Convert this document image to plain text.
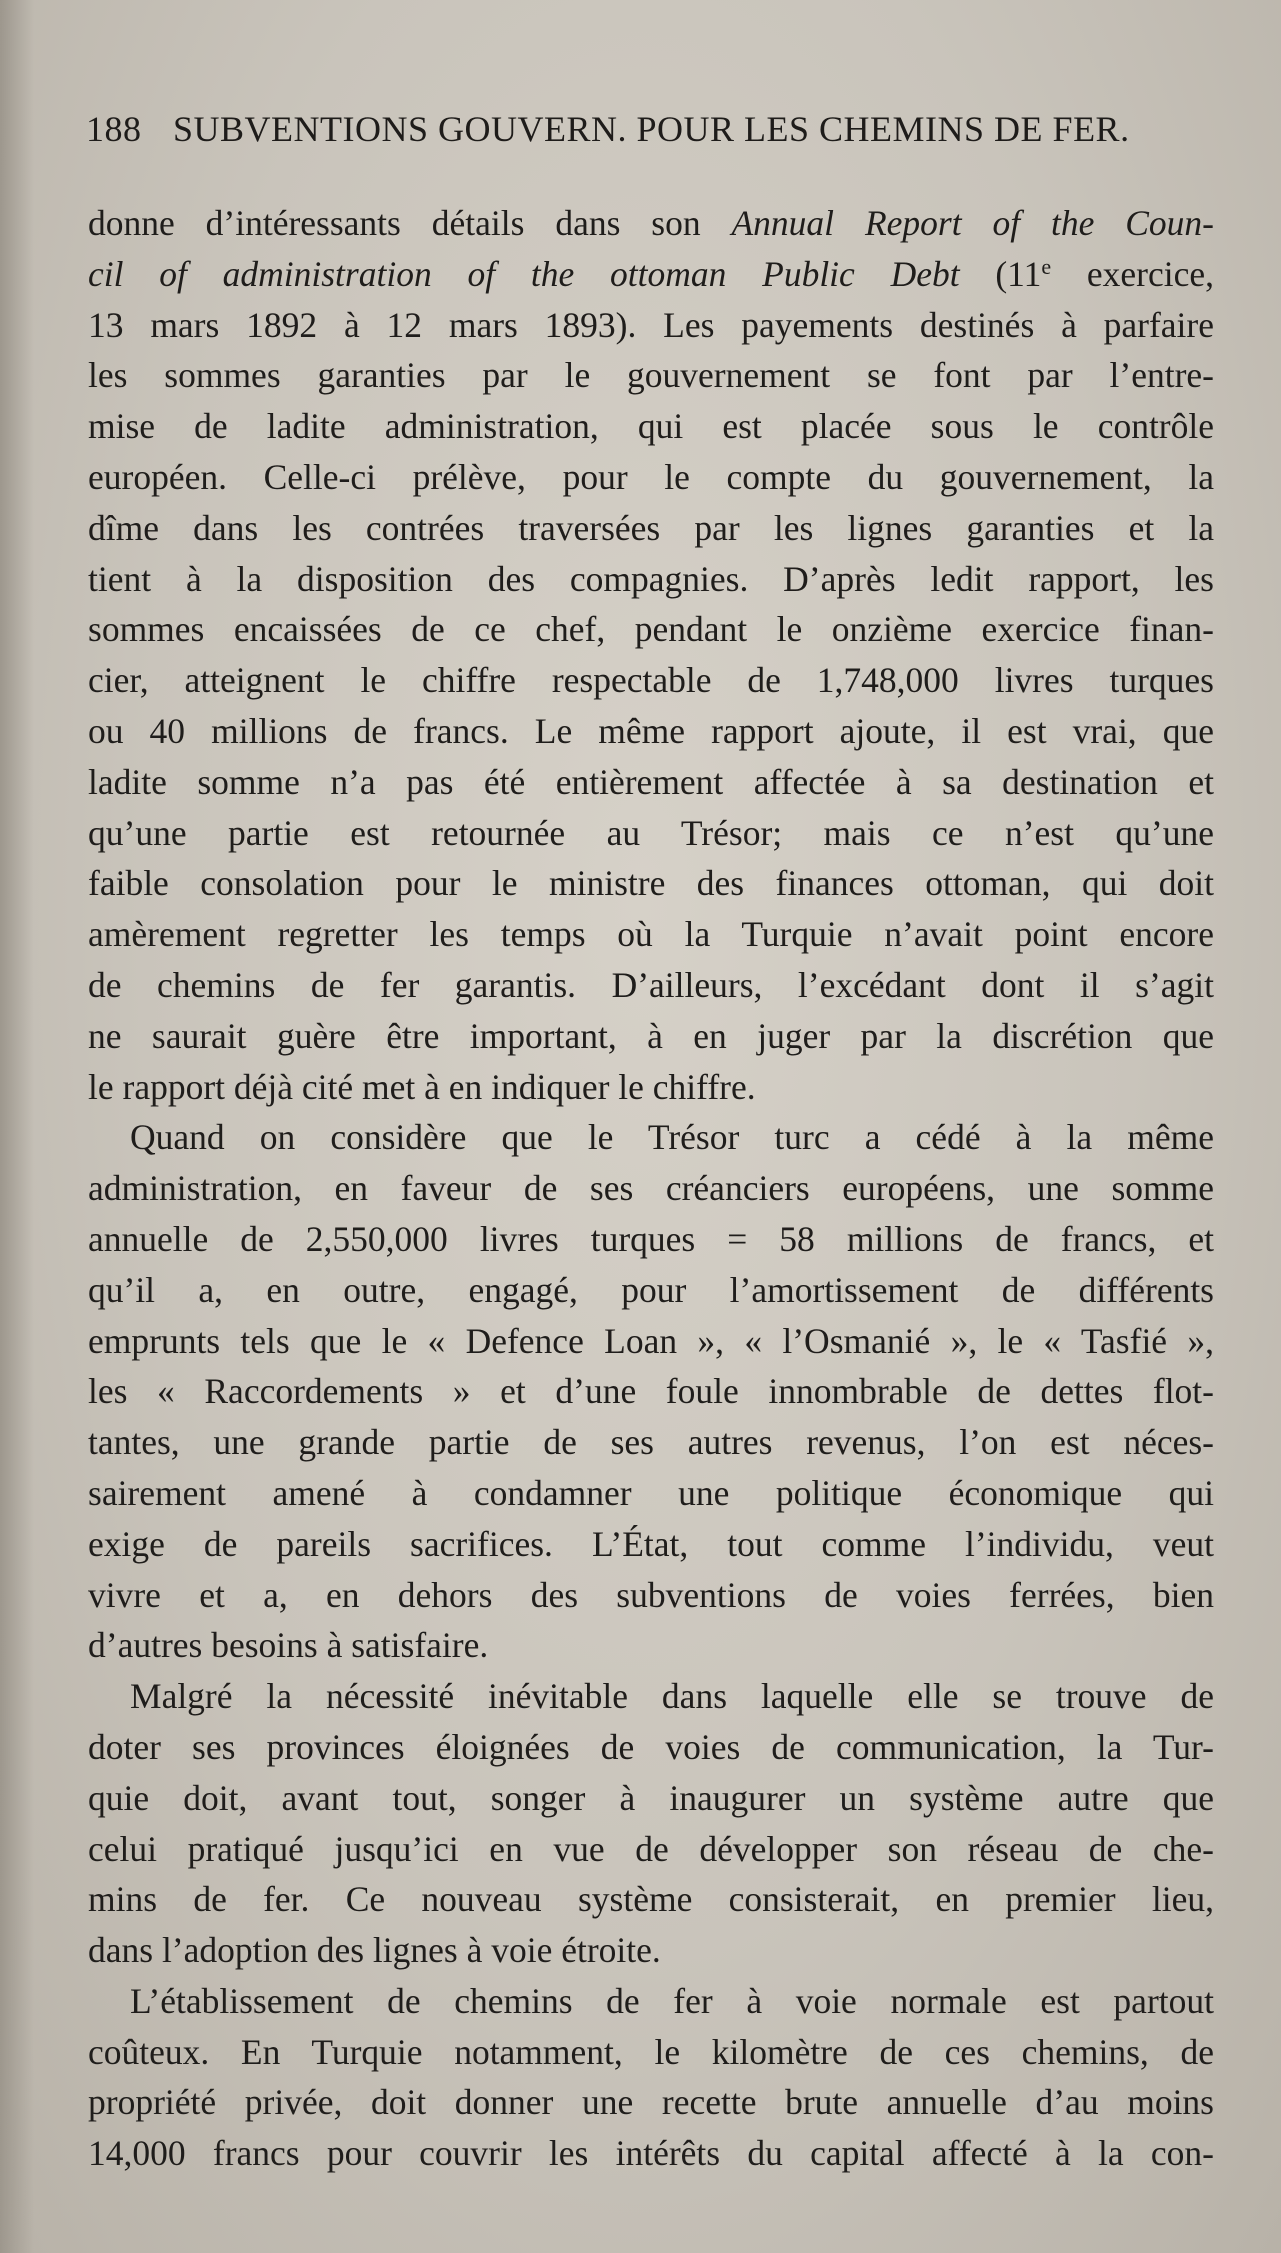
188 SUBVENTIONS GOUVERN. POUR LES CHEMINS DE FER.
donne d’intéressants détails dans son Annual Report of the Coun-
cil of administration of the ottoman Public Debt (11e exercice,
13 mars 1892 à 12 mars 1893). Les payements destinés à parfaire
les sommes garanties par le gouvernement se font par l’entre-
mise de ladite administration, qui est placée sous le contrôle
européen. Celle-ci prélève, pour le compte du gouvernement, la
dîme dans les contrées traversées par les lignes garanties et la
tient à la disposition des compagnies. D’après ledit rapport, les
sommes encaissées de ce chef, pendant le onzième exercice finan-
cier, atteignent le chiffre respectable de 1,748,000 livres turques
ou 40 millions de francs. Le même rapport ajoute, il est vrai, que
ladite somme n’a pas été entièrement affectée à sa destination et
qu’une partie est retournée au Trésor; mais ce n’est qu’une
faible consolation pour le ministre des finances ottoman, qui doit
amèrement regretter les temps où la Turquie n’avait point encore
de chemins de fer garantis. D’ailleurs, l’excédant dont il s’agit
ne saurait guère être important, à en juger par la discrétion que
le rapport déjà cité met à en indiquer le chiffre.
Quand on considère que le Trésor turc a cédé à la même
administration, en faveur de ses créanciers européens, une somme
annuelle de 2,550,000 livres turques = 58 millions de francs, et
qu’il a, en outre, engagé, pour l’amortissement de différents
emprunts tels que le « Defence Loan », « l’Osmanié », le « Tasfié »,
les « Raccordements » et d’une foule innombrable de dettes flot-
tantes, une grande partie de ses autres revenus, l’on est néces-
sairement amené à condamner une politique économique qui
exige de pareils sacrifices. L’État, tout comme l’individu, veut
vivre et a, en dehors des subventions de voies ferrées, bien
d’autres besoins à satisfaire.
Malgré la nécessité inévitable dans laquelle elle se trouve de
doter ses provinces éloignées de voies de communication, la Tur-
quie doit, avant tout, songer à inaugurer un système autre que
celui pratiqué jusqu’ici en vue de développer son réseau de che-
mins de fer. Ce nouveau système consisterait, en premier lieu,
dans l’adoption des lignes à voie étroite.
L’établissement de chemins de fer à voie normale est partout
coûteux. En Turquie notamment, le kilomètre de ces chemins, de
propriété privée, doit donner une recette brute annuelle d’au moins
14,000 francs pour couvrir les intérêts du capital affecté à la con-
